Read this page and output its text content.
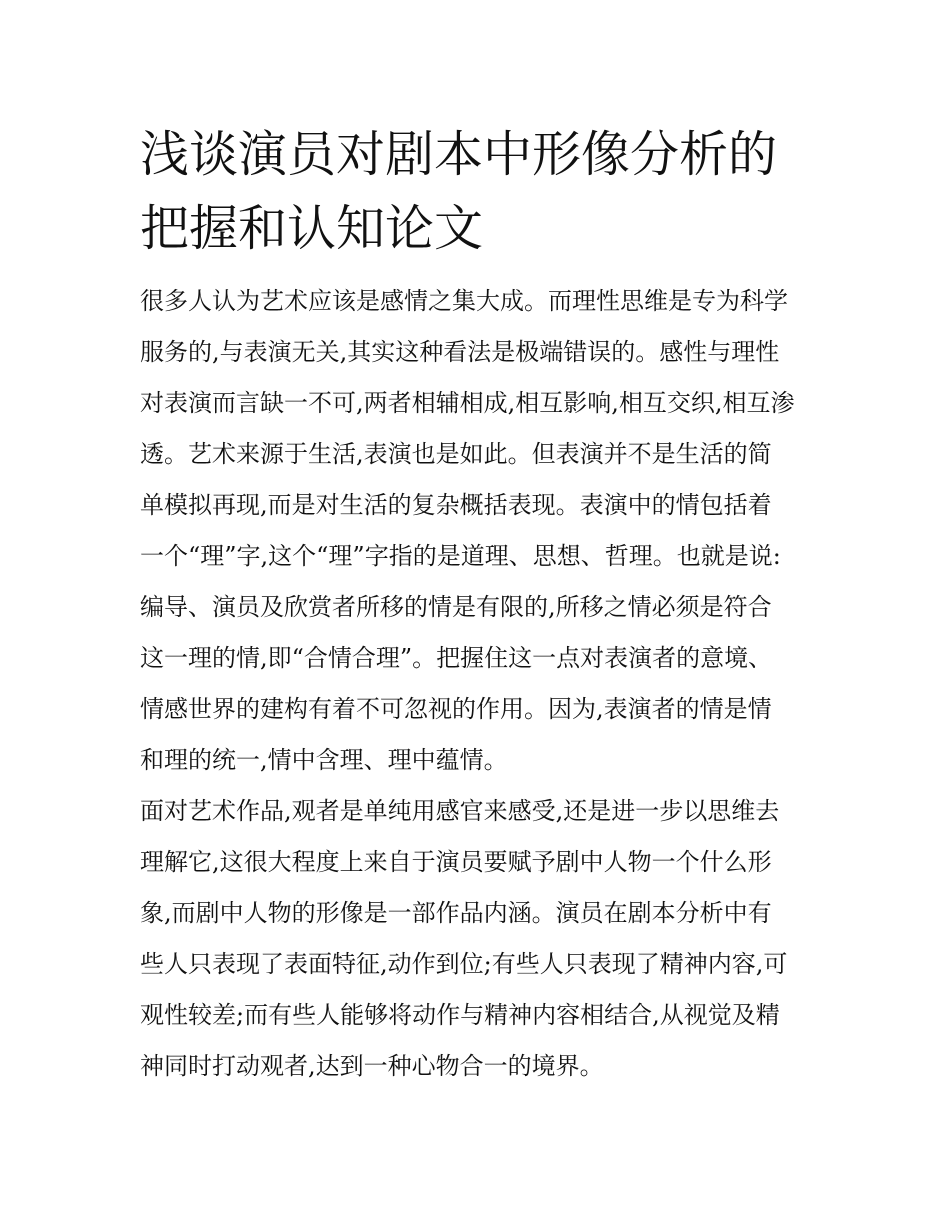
浅谈演员对剧本中形像分析的
把握和认知论文
很多人认为艺术应该是感情之集大成。而理性思维是专为科学
服务的,与表演无关,其实这种看法是极端错误的。感性与理性
对表演而言缺一不可,两者相辅相成,相互影响,相互交织,相互渗
透。艺术来源于生活,表演也是如此。但表演并不是生活的简
单模拟再现,而是对生活的复杂概括表现。表演中的情包括着
一个“理”字,这个“理”字指的是道理、思想、哲理。也就是说:
编导、演员及欣赏者所移的情是有限的,所移之情必须是符合
这一理的情,即“合情合理”。把握住这一点对表演者的意境、
情感世界的建构有着不可忽视的作用。因为,表演者的情是情
和理的统一,情中含理、理中蕴情。
面对艺术作品,观者是单纯用感官来感受,还是进一步以思维去
理解它,这很大程度上来自于演员要赋予剧中人物一个什么形
象,而剧中人物的形像是一部作品内涵。演员在剧本分析中有
些人只表现了表面特征,动作到位;有些人只表现了精神内容,可
观性较差;而有些人能够将动作与精神内容相结合,从视觉及精
神同时打动观者,达到一种心物合一的境界。
